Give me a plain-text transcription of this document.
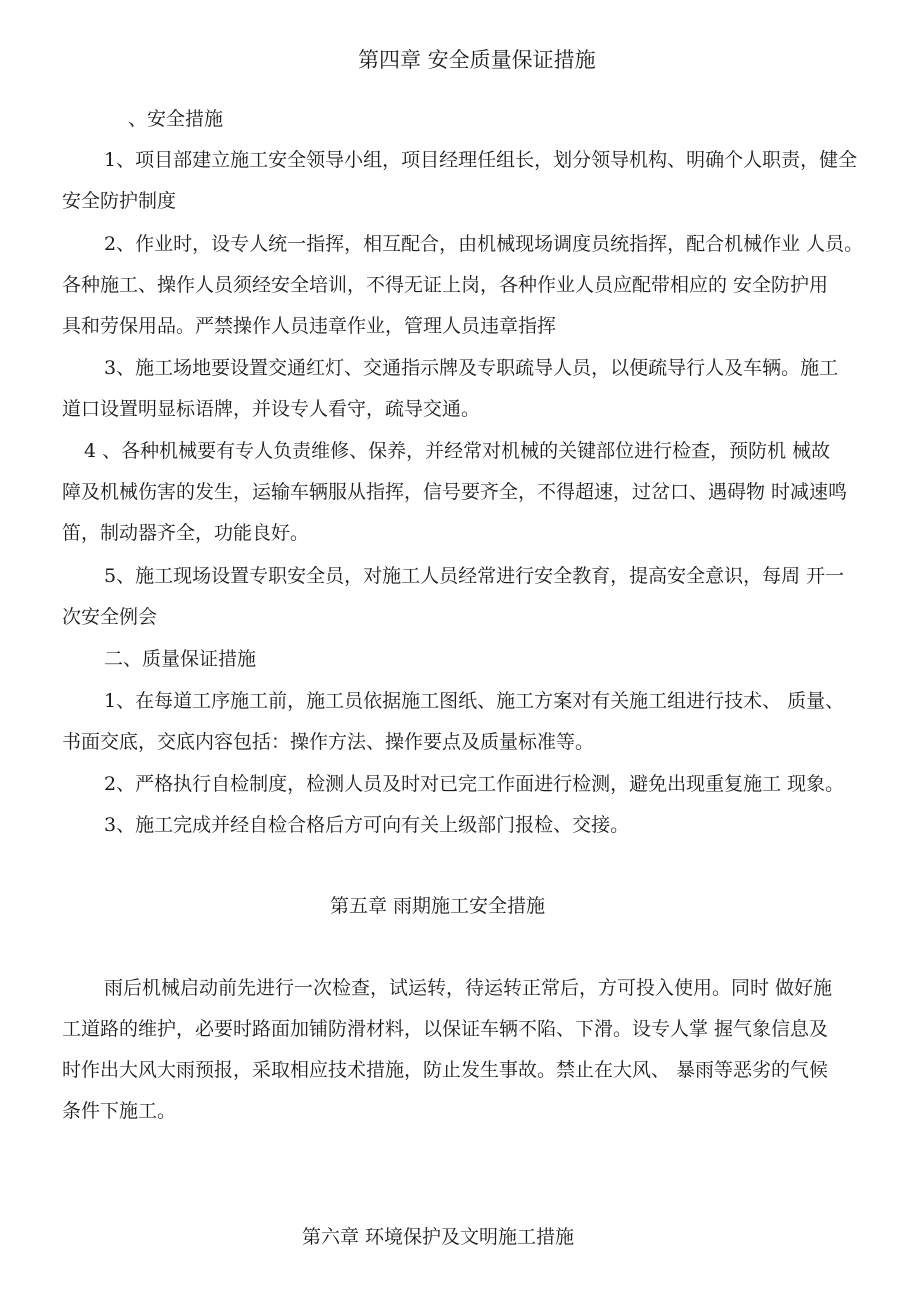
第四章 安全质量保证措施
、安全措施
1、项目部建立施工安全领导小组，项目经理任组长，划分领导机构、明确个人职责，健全
安全防护制度
2、作业时，设专人统一指挥，相互配合，由机械现场调度员统指挥，配合机械作业 人员。
各种施工、操作人员须经安全培训，不得无证上岗，各种作业人员应配带相应的 安全防护用
具和劳保用品。严禁操作人员违章作业，管理人员违章指挥
3、施工场地要设置交通红灯、交通指示牌及专职疏导人员，以便疏导行人及车辆。施工
道口设置明显标语牌，并设专人看守，疏导交通。
4 、各种机械要有专人负责维修、保养，并经常对机械的关键部位进行检查，预防机 械故
障及机械伤害的发生，运输车辆服从指挥，信号要齐全，不得超速，过岔口、遇碍物 时减速鸣
笛，制动器齐全，功能良好。
5、施工现场设置专职安全员，对施工人员经常进行安全教育，提高安全意识，每周 开一
次安全例会
二、质量保证措施
1、在每道工序施工前，施工员依据施工图纸、施工方案对有关施工组进行技术、 质量、
书面交底，交底内容包括：操作方法、操作要点及质量标准等。
2、严格执行自检制度，检测人员及时对已完工作面进行检测，避免出现重复施工 现象。
3、施工完成并经自检合格后方可向有关上级部门报检、交接。
第五章 雨期施工安全措施
雨后机械启动前先进行一次检查，试运转，待运转正常后，方可投入使用。同时 做好施
工道路的维护，必要时路面加铺防滑材料，以保证车辆不陷、下滑。设专人掌 握气象信息及
时作出大风大雨预报，采取相应技术措施，防止发生事故。禁止在大风、 暴雨等恶劣的气候
条件下施工。
第六章 环境保护及文明施工措施
